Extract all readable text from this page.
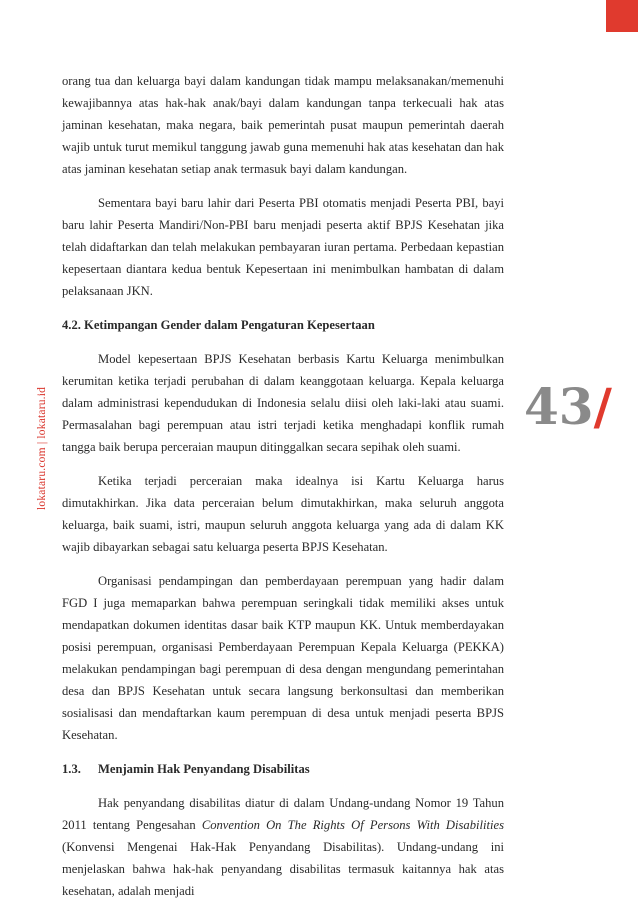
lokataru.com | lokataru.id	43/

orang tua dan keluarga bayi dalam kandungan tidak mampu melaksanakan/memenuhi kewajibannya atas hak-hak anak/bayi dalam kandungan tanpa terkecuali hak atas jaminan kesehatan, maka negara, baik pemerintah pusat maupun pemerintah daerah wajib untuk turut memikul tanggung jawab guna memenuhi hak atas kesehatan dan hak atas jaminan kesehatan setiap anak termasuk bayi dalam kandungan.

Sementara bayi baru lahir dari Peserta PBI otomatis menjadi Peserta PBI, bayi baru lahir Peserta Mandiri/Non-PBI baru menjadi peserta aktif BPJS Kesehatan jika telah didaftarkan dan telah melakukan pembayaran iuran pertama. Perbedaan kepastian kepesertaan diantara kedua bentuk Kepesertaan ini menimbulkan hambatan di dalam pelaksanaan JKN.

4.2. Ketimpangan Gender dalam Pengaturan Kepesertaan

Model kepesertaan BPJS Kesehatan berbasis Kartu Keluarga menimbulkan kerumitan ketika terjadi perubahan di dalam keanggotaan keluarga. Kepala keluarga dalam administrasi kependudukan di Indonesia selalu diisi oleh laki-laki atau suami. Permasalahan bagi perempuan atau istri terjadi ketika menghadapi konflik rumah tangga baik berupa perceraian maupun ditinggalkan secara sepihak oleh suami.

Ketika terjadi perceraian maka idealnya isi Kartu Keluarga harus dimutakhirkan. Jika data perceraian belum dimutakhirkan, maka seluruh anggota keluarga, baik suami, istri, maupun seluruh anggota keluarga yang ada di dalam KK wajib dibayarkan sebagai satu keluarga peserta BPJS Kesehatan.

Organisasi pendampingan dan pemberdayaan perempuan yang hadir dalam FGD I juga memaparkan bahwa perempuan seringkali tidak memiliki akses untuk mendapatkan dokumen identitas dasar baik KTP maupun KK. Untuk memberdayakan posisi perempuan, organisasi Pemberdayaan Perempuan Kepala Keluarga (PEKKA) melakukan pendampingan bagi perempuan di desa dengan mengundang pemerintahan desa dan BPJS Kesehatan untuk secara langsung berkonsultasi dan memberikan sosialisasi dan mendaftarkan kaum perempuan di desa untuk menjadi peserta BPJS Kesehatan.

1.3. Menjamin Hak Penyandang Disabilitas

Hak penyandang disabilitas diatur di dalam Undang-undang Nomor 19 Tahun 2011 tentang Pengesahan Convention On The Rights Of Persons With Disabilities (Konvensi Mengenai Hak-Hak Penyandang Disabilitas). Undang-undang ini menjelaskan bahwa hak-hak penyandang disabilitas termasuk kaitannya hak atas kesehatan, adalah menjadi
